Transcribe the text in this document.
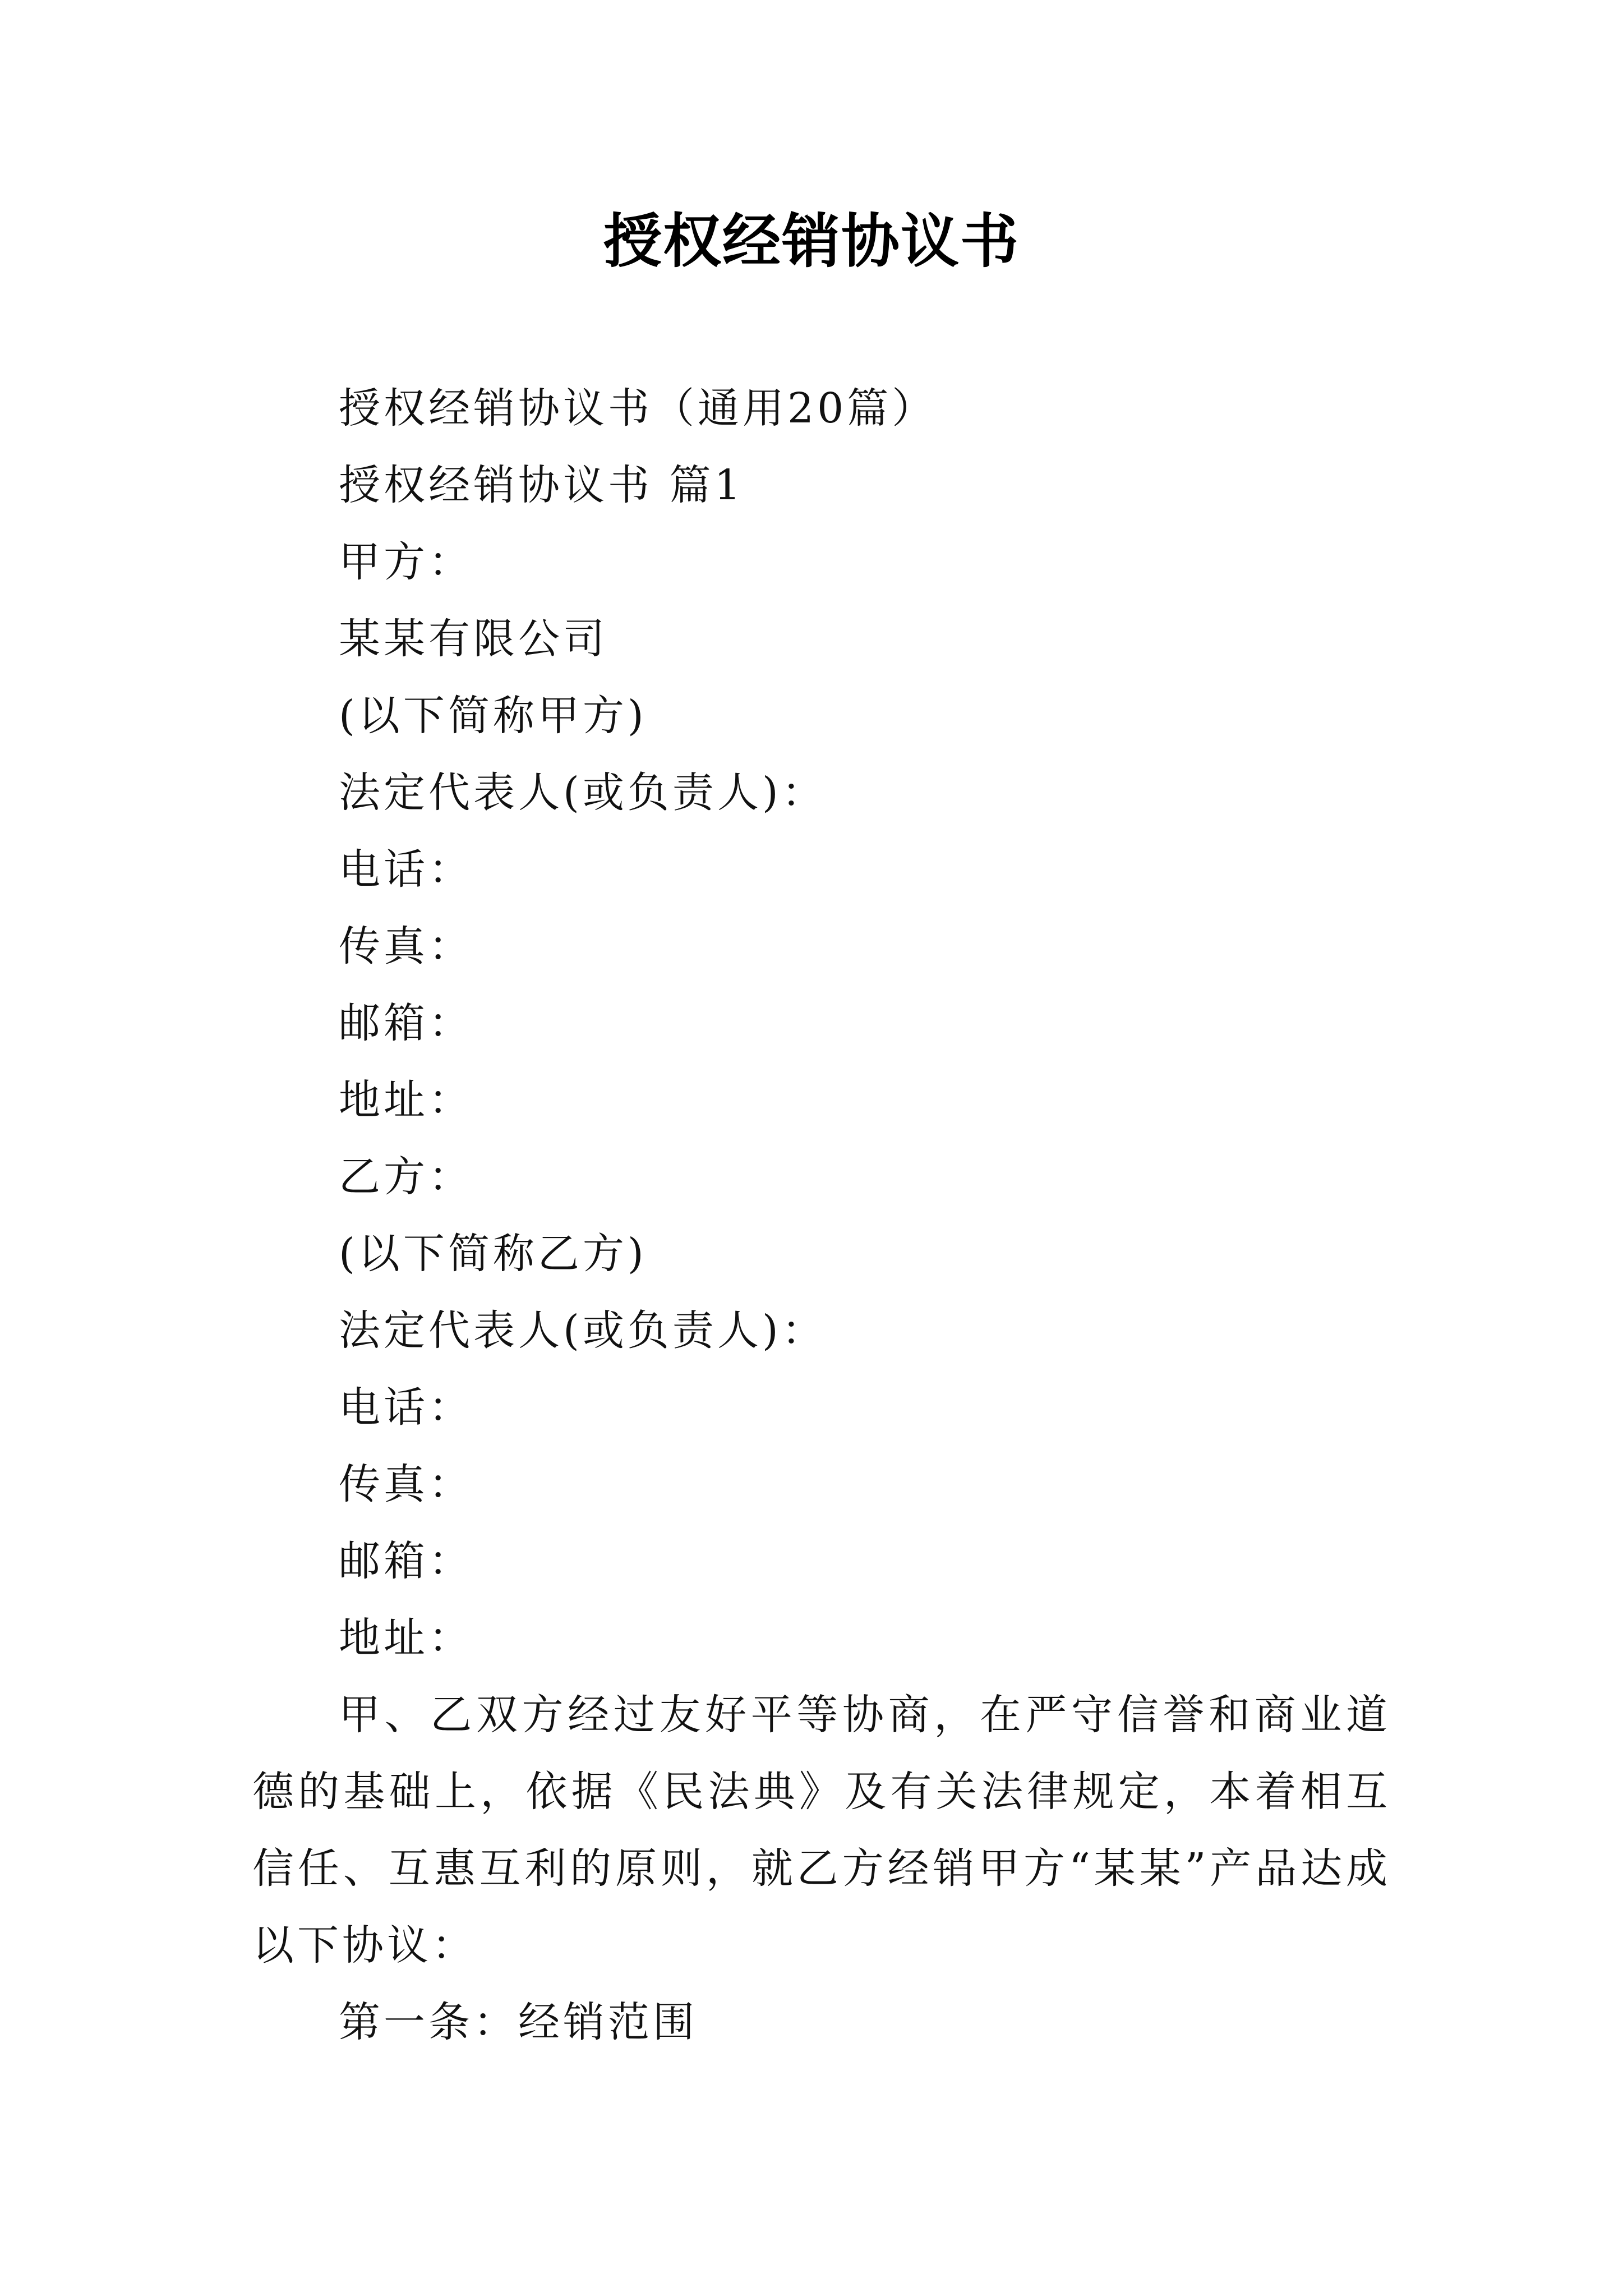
授权经销协议书
授权经销协议书（通用20篇）
授权经销协议书 篇1
甲方：
某某有限公司
(以下简称甲方)
法定代表人(或负责人)：
电话：
传真：
邮箱：
地址：
乙方：
(以下简称乙方)
法定代表人(或负责人)：
电话：
传真：
邮箱：
地址：
甲、乙双方经过友好平等协商，在严守信誉和商业道德的基础上，依据《民法典》及有关法律规定，本着相互信任、互惠互利的原则，就乙方经销甲方“某某”产品达成以下协议：
第一条：经销范围
